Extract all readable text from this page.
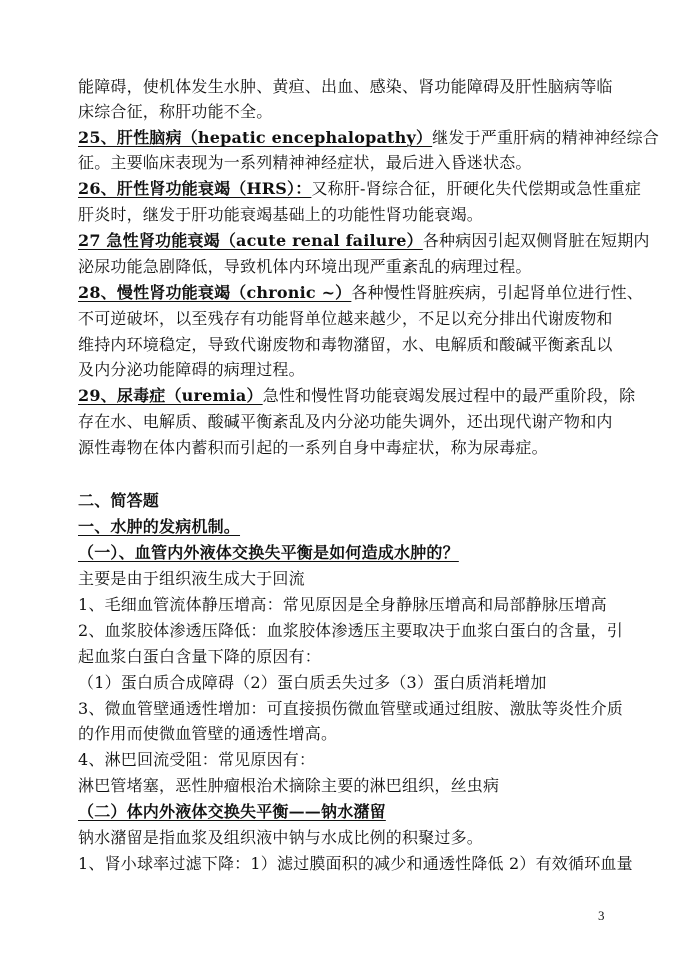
能障碍，使机体发生水肿、黄疸、出血、感染、肾功能障碍及肝性脑病等临
床综合征，称肝功能不全。
25、肝性脑病（hepatic encephalopathy）继发于严重肝病的精神神经综合
征。主要临床表现为一系列精神神经症状，最后进入昏迷状态。
26、肝性肾功能衰竭（HRS）：又称肝-肾综合征，肝硬化失代偿期或急性重症
肝炎时，继发于肝功能衰竭基础上的功能性肾功能衰竭。
27 急性肾功能衰竭（acute renal failure）各种病因引起双侧肾脏在短期内
泌尿功能急剧降低，导致机体内环境出现严重紊乱的病理过程。
28、慢性肾功能衰竭（chronic ~）各种慢性肾脏疾病，引起肾单位进行性、
不可逆破坏，以至残存有功能肾单位越来越少，不足以充分排出代谢废物和
维持内环境稳定，导致代谢废物和毒物潴留，水、电解质和酸碱平衡紊乱以
及内分泌功能障碍的病理过程。
29、尿毒症（uremia）急性和慢性肾功能衰竭发展过程中的最严重阶段，除
存在水、电解质、酸碱平衡紊乱及内分泌功能失调外，还出现代谢产物和内
源性毒物在体内蓄积而引起的一系列自身中毒症状，称为尿毒症。
二、简答题
一、水肿的发病机制。
（一）、血管内外液体交换失平衡是如何造成水肿的？
主要是由于组织液生成大于回流
1、毛细血管流体静压增高：常见原因是全身静脉压增高和局部静脉压增高
2、血浆胶体渗透压降低：血浆胶体渗透压主要取决于血浆白蛋白的含量，引
起血浆白蛋白含量下降的原因有：
（1）蛋白质合成障碍（2）蛋白质丢失过多（3）蛋白质消耗增加
3、微血管壁通透性增加：可直接损伤微血管壁或通过组胺、激肽等炎性介质
的作用而使微血管壁的通透性增高。
4、淋巴回流受阻：常见原因有：
淋巴管堵塞，恶性肿瘤根治术摘除主要的淋巴组织，丝虫病
（二）体内外液体交换失平衡——钠水潴留
钠水潴留是指血浆及组织液中钠与水成比例的积聚过多。
1、肾小球率过滤下降：1）滤过膜面积的减少和通透性降低 2）有效循环血量
3
